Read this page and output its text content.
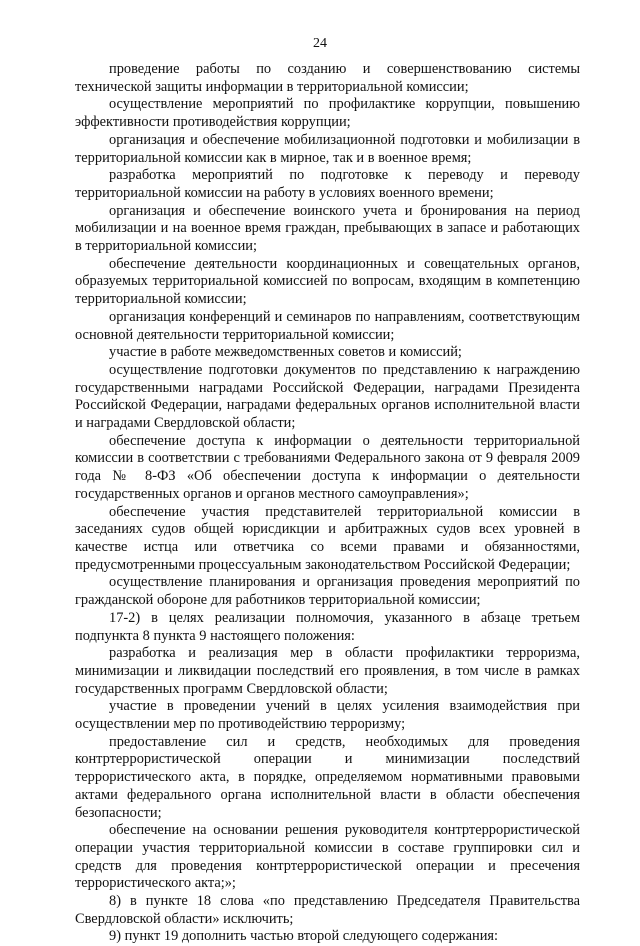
24

проведение работы по созданию и совершенствованию системы технической защиты информации в территориальной комиссии;

осуществление мероприятий по профилактике коррупции, повышению эффективности противодействия коррупции;

организация и обеспечение мобилизационной подготовки и мобилизации в территориальной комиссии как в мирное, так и в военное время;

разработка мероприятий по подготовке к переводу и переводу территориальной комиссии на работу в условиях военного времени;

организация и обеспечение воинского учета и бронирования на период мобилизации и на военное время граждан, пребывающих в запасе и работающих в территориальной комиссии;

обеспечение деятельности координационных и совещательных органов, образуемых территориальной комиссией по вопросам, входящим в компетенцию территориальной комиссии;

организация конференций и семинаров по направлениям, соответствующим основной деятельности территориальной комиссии;

участие в работе межведомственных советов и комиссий;

осуществление подготовки документов по представлению к награждению государственными наградами Российской Федерации, наградами Президента Российской Федерации, наградами федеральных органов исполнительной власти и наградами Свердловской области;

обеспечение доступа к информации о деятельности территориальной комиссии в соответствии с требованиями Федерального закона от 9 февраля 2009 года № 8-ФЗ «Об обеспечении доступа к информации о деятельности государственных органов и органов местного самоуправления»;

обеспечение участия представителей территориальной комиссии в заседаниях судов общей юрисдикции и арбитражных судов всех уровней в качестве истца или ответчика со всеми правами и обязанностями, предусмотренными процессуальным законодательством Российской Федерации;

осуществление планирования и организация проведения мероприятий по гражданской обороне для работников территориальной комиссии;

17-2) в целях реализации полномочия, указанного в абзаце третьем подпункта 8 пункта 9 настоящего положения:

разработка и реализация мер в области профилактики терроризма, минимизации и ликвидации последствий его проявления, в том числе в рамках государственных программ Свердловской области;

участие в проведении учений в целях усиления взаимодействия при осуществлении мер по противодействию терроризму;

предоставление сил и средств, необходимых для проведения контртеррористической операции и минимизации последствий террористического акта, в порядке, определяемом нормативными правовыми актами федерального органа исполнительной власти в области обеспечения безопасности;

обеспечение на основании решения руководителя контртеррористической операции участия территориальной комиссии в составе группировки сил и средств для проведения контртеррористической операции и пресечения террористического акта;»;

8) в пункте 18 слова «по представлению Председателя Правительства Свердловской области» исключить;

9) пункт 19 дополнить частью второй следующего содержания:
